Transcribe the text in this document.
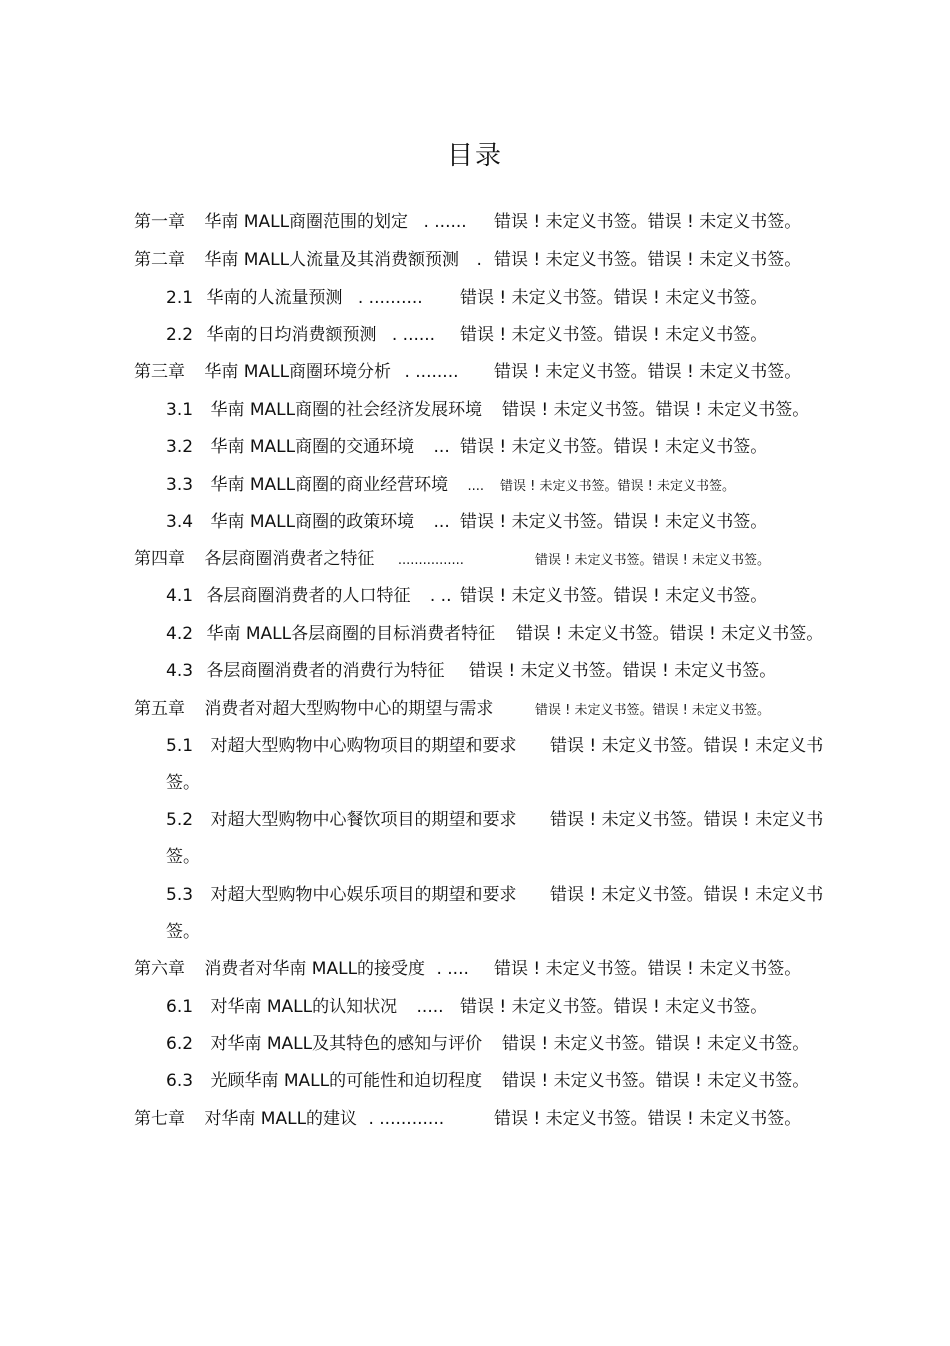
目录
第一章 华南 MALL商圈范围的划定 . ...... 错误 ! 未定义书签。错误 ! 未定义书签。
第二章 华南 MALL人流量及其消费额预测 . 错误 ! 未定义书签。错误 ! 未定义书签。
2.1 华南的人流量预测 . .......... 错误 ! 未定义书签。错误 ! 未定义书签。
2.2 华南的日均消费额预测 . ...... 错误 ! 未定义书签。错误 ! 未定义书签。
第三章 华南 MALL商圈环境分析 . ........ 错误 ! 未定义书签。错误 ! 未定义书签。
3.1 华南 MALL商圈的社会经济发展环境 错误 ! 未定义书签。错误 ! 未定义书签。
3.2 华南 MALL商圈的交通环境 ... 错误 ! 未定义书签。错误 ! 未定义书签。
3.3 华南 MALL商圈的商业经营环境 .... 错误 ! 未定义书签。错误 ! 未定义书签。
3.4 华南 MALL商圈的政策环境 ... 错误 ! 未定义书签。错误 ! 未定义书签。
第四章 各层商圈消费者之特征 ................	错误 ! 未定义书签。错误 ! 未定义书签。
4.1 各层商圈消费者的人口特征 . .. 错误 ! 未定义书签。错误 ! 未定义书签。
4.2 华南 MALL各层商圈的目标消费者特征 错误 ! 未定义书签。错误 ! 未定义书签。
4.3 各层商圈消费者的消费行为特征 错误 ! 未定义书签。错误 ! 未定义书签。
第五章 消费者对超大型购物中心的期望与需求	错误 ! 未定义书签。错误 ! 未定义书签。
5.1 对超大型购物中心购物项目的期望和要求 错误 ! 未定义书签。错误 ! 未定义书
签。
5.2 对超大型购物中心餐饮项目的期望和要求 错误 ! 未定义书签。错误 ! 未定义书
签。
5.3 对超大型购物中心娱乐项目的期望和要求 错误 ! 未定义书签。错误 ! 未定义书
签。
第六章 消费者对华南 MALL的接受度 . .... 错误 ! 未定义书签。错误 ! 未定义书签。
6.1 对华南 MALL的认知状况 ..... 错误 ! 未定义书签。错误 ! 未定义书签。
6.2 对华南 MALL及其特色的感知与评价 错误 ! 未定义书签。错误 ! 未定义书签。
6.3 光顾华南 MALL的可能性和迫切程度 错误 ! 未定义书签。错误 ! 未定义书签。
第七章 对华南 MALL的建议 . ............	错误 ! 未定义书签。错误 ! 未定义书签。
